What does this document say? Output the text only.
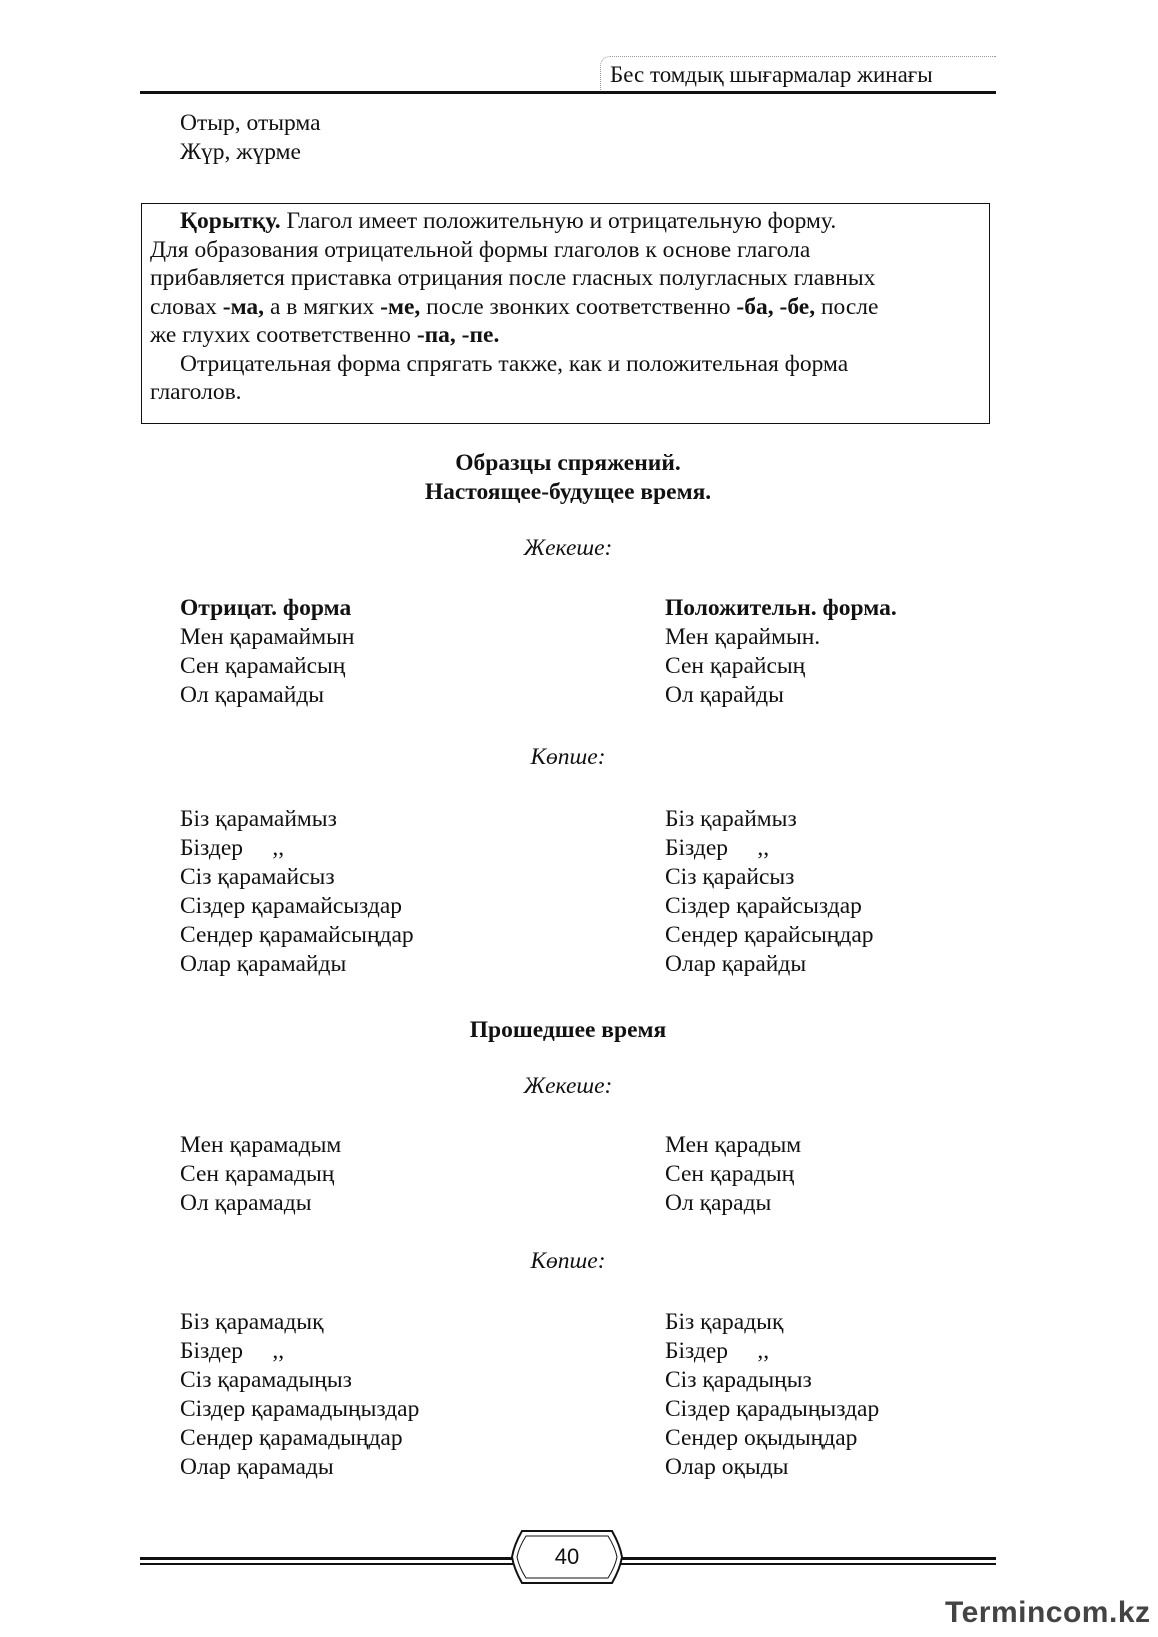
Бес томдық шығармалар жинағы
Отыр, отырма
Жүр, жүрме

Қорытқу. Глагол имеет положительную и отрицательную форму.

Для образования отрицательной формы глаголов к основе глагола

прибавляется приставка отрицания после гласных полугласных главных

словах -ма, а в мягких -ме, после звонких соответственно -ба, -бе, после

же глухих соответственно -па, -пе.

Отрицательная форма спрягать также, как и положительная форма

глаголов.

Образцы спряжений.
Настоящее-будущее время.
Жекеше:
Отрицат. форма
Мен қарамаймын
Сен қарамайсың
Ол қарамайды
Положительн. форма.
Мен қараймын.
Сен қарайсың
Ол қарайды
Көпше:
Біз қарамаймыз
Біздер     ,,
Сіз қарамайсыз
Сіздер қарамайсыздар
Сендер қарамайсыңдар
Олар қарамайды
Біз қараймыз
Біздер     ,,
Сіз қарайсыз
Сіздер қарайсыздар
Сендер қарайсыңдар
Олар қарайды
Прошедшее время
Жекеше:
Мен қарамадым
Сен қарамадың
Ол қарамады
Мен қарадым
Сен қарадың
Ол қарады
Көпше:
Біз қарамадық
Біздер     ,,
Сіз қарамадыңыз
Сіздер қарамадыңыздар
Сендер қарамадыңдар
Олар қарамады
Біз қарадық
Біздер     ,,
Сіз қарадыңыз
Сіздер қарадыңыздар
Сендер оқыдыңдар
Олар оқыды
40
Termincom.kz
